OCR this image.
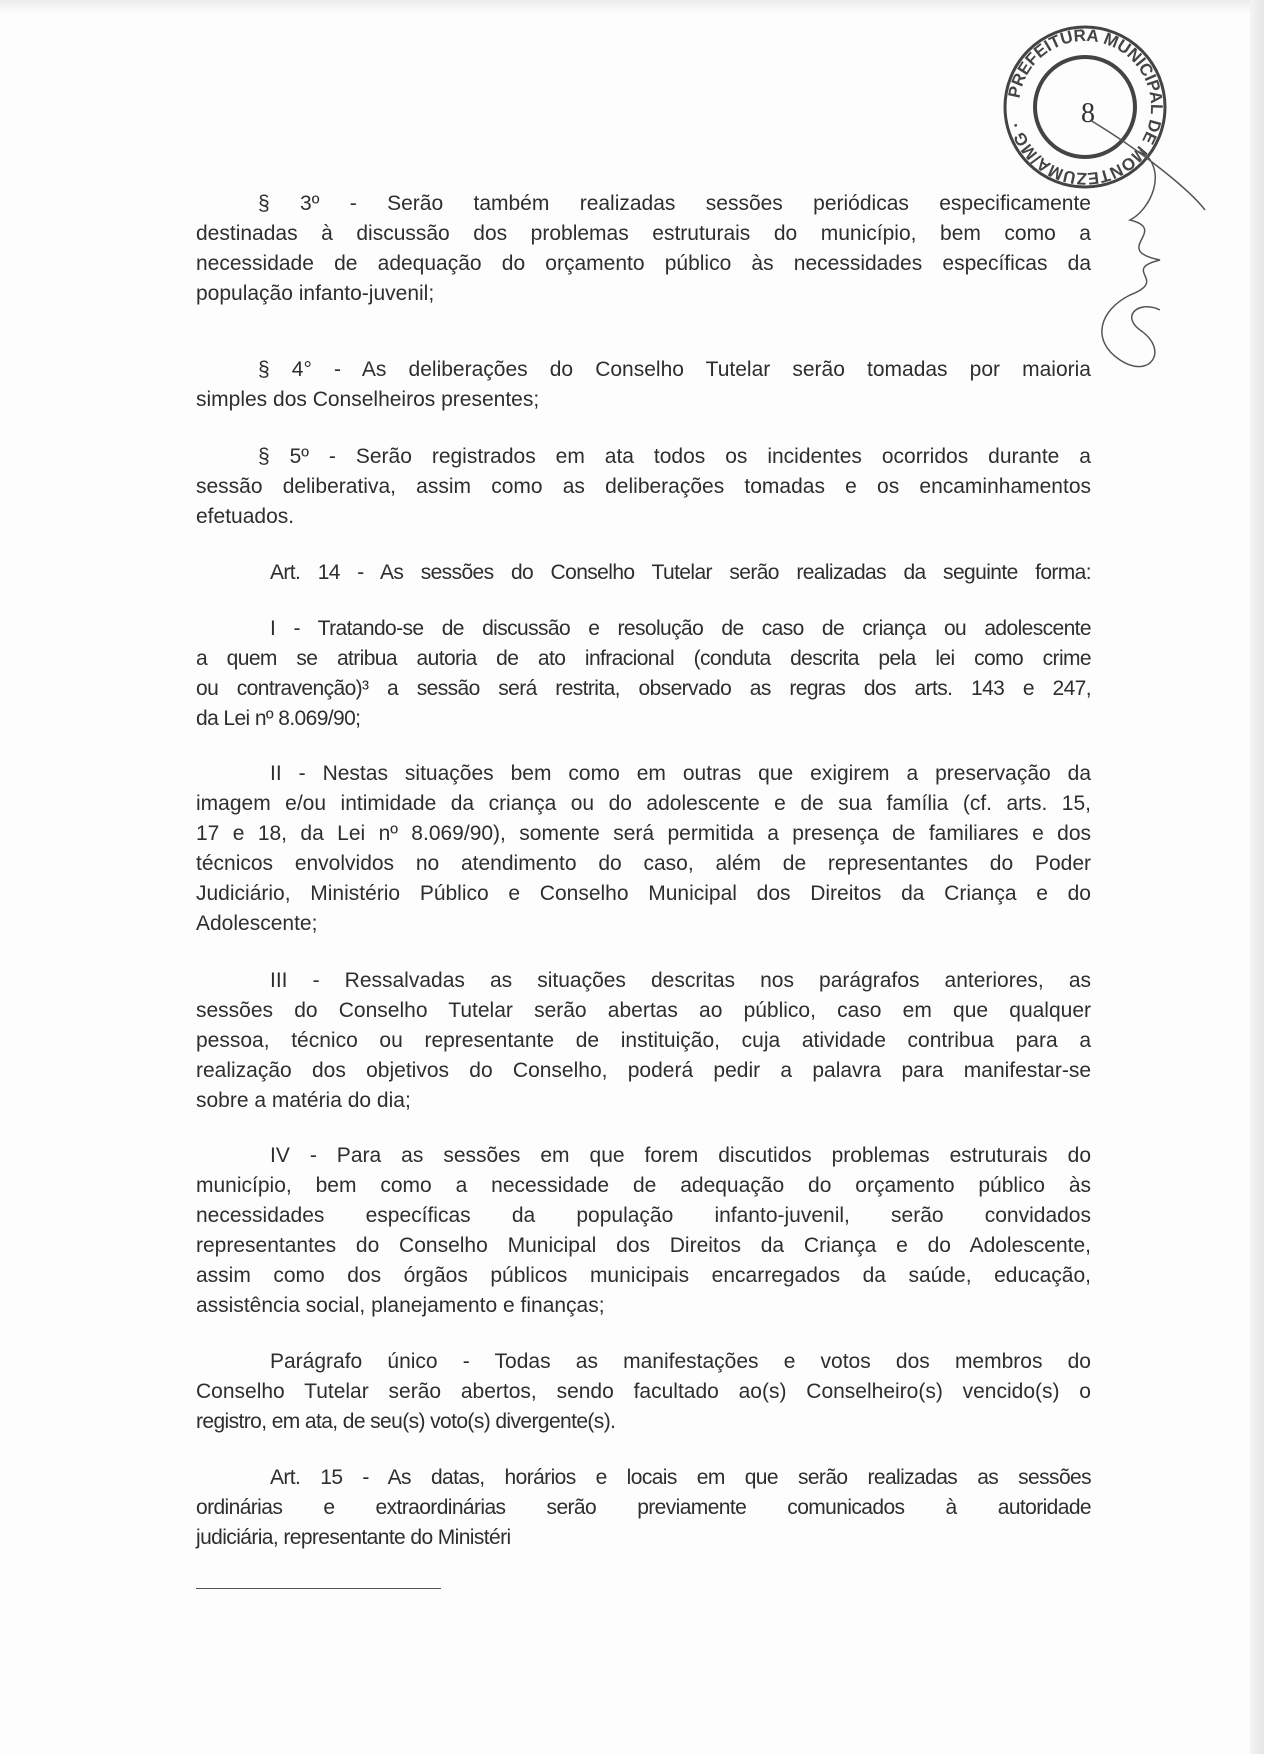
PREFEITURA MUNICIPAL DE MONTEZUMA/MG ·	8
§ 3º - Serão também realizadas sessões periódicas especificamente
destinadas à discussão dos problemas estruturais do município, bem como a
necessidade de adequação do orçamento público às necessidades específicas da
população infanto-juvenil;
§ 4° - As deliberações do Conselho Tutelar serão tomadas por maioria
simples dos Conselheiros presentes;
§ 5º - Serão registrados em ata todos os incidentes ocorridos durante a
sessão deliberativa, assim como as deliberações tomadas e os encaminhamentos
efetuados.
Art. 14 - As sessões do Conselho Tutelar serão realizadas da seguinte forma:
I - Tratando-se de discussão e resolução de caso de criança ou adolescente
a quem se atribua autoria de ato infracional (conduta descrita pela lei como crime
ou contravenção)³ a sessão será restrita, observado as regras dos arts. 143 e 247,
da Lei nº 8.069/90;
II - Nestas situações bem como em outras que exigirem a preservação da
imagem e/ou intimidade da criança ou do adolescente e de sua família (cf. arts. 15,
17 e 18, da Lei nº 8.069/90), somente será permitida a presença de familiares e dos
técnicos envolvidos no atendimento do caso, além de representantes do Poder
Judiciário, Ministério Público e Conselho Municipal dos Direitos da Criança e do
Adolescente;
III - Ressalvadas as situações descritas nos parágrafos anteriores, as
sessões do Conselho Tutelar serão abertas ao público, caso em que qualquer
pessoa, técnico ou representante de instituição, cuja atividade contribua para a
realização dos objetivos do Conselho, poderá pedir a palavra para manifestar-se
sobre a matéria do dia;
IV - Para as sessões em que forem discutidos problemas estruturais do
município, bem como a necessidade de adequação do orçamento público às
necessidades específicas da população infanto-juvenil, serão convidados
representantes do Conselho Municipal dos Direitos da Criança e do Adolescente,
assim como dos órgãos públicos municipais encarregados da saúde, educação,
assistência social, planejamento e finanças;
Parágrafo único - Todas as manifestações e votos dos membros do
Conselho Tutelar serão abertos, sendo facultado ao(s) Conselheiro(s) vencido(s) o
registro, em ata, de seu(s) voto(s) divergente(s).
Art. 15 - As datas, horários e locais em que serão realizadas as sessões
ordinárias e extraordinárias serão previamente comunicados à autoridade
judiciária, representante do Ministéri
